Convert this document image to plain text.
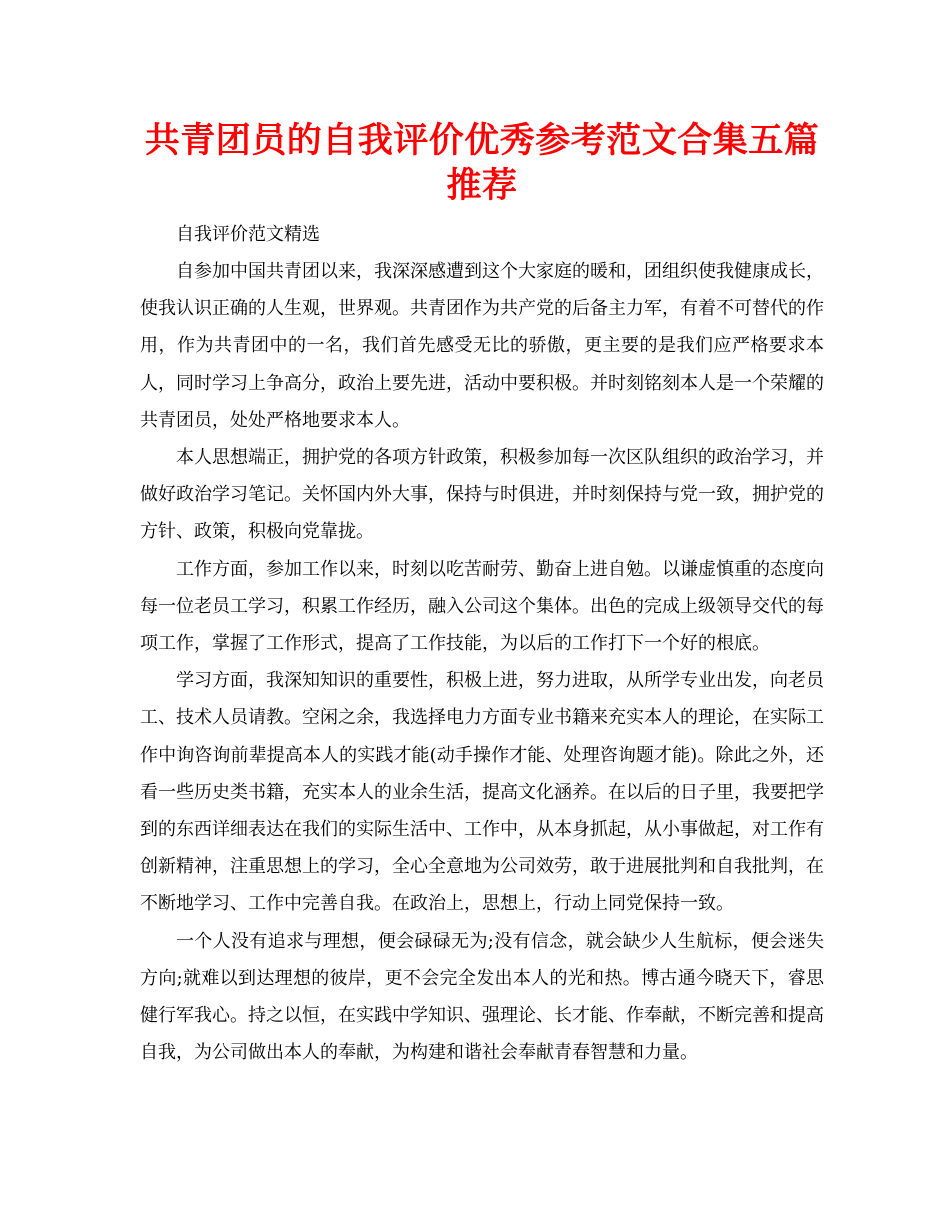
共青团员的自我评价优秀参考范文合集五篇推荐

自我评价范文精选

自参加中国共青团以来，我深深感遭到这个大家庭的暖和，团组织使我健康成长，使我认识正确的人生观，世界观。共青团作为共产党的后备主力军，有着不可替代的作用，作为共青团中的一名，我们首先感受无比的骄傲，更主要的是我们应严格要求本人，同时学习上争高分，政治上要先进，活动中要积极。并时刻铭刻本人是一个荣耀的共青团员，处处严格地要求本人。

本人思想端正，拥护党的各项方针政策，积极参加每一次区队组织的政治学习，并做好政治学习笔记。关怀国内外大事，保持与时俱进，并时刻保持与党一致，拥护党的方针、政策，积极向党靠拢。

工作方面，参加工作以来，时刻以吃苦耐劳、勤奋上进自勉。以谦虚慎重的态度向每一位老员工学习，积累工作经历，融入公司这个集体。出色的完成上级领导交代的每项工作，掌握了工作形式，提高了工作技能，为以后的工作打下一个好的根底。

学习方面，我深知知识的重要性，积极上进，努力进取，从所学专业出发，向老员工、技术人员请教。空闲之余，我选择电力方面专业书籍来充实本人的理论，在实际工作中询咨询前辈提高本人的实践才能(动手操作才能、处理咨询题才能)。除此之外，还看一些历史类书籍，充实本人的业余生活，提高文化涵养。在以后的日子里，我要把学到的东西详细表达在我们的实际生活中、工作中，从本身抓起，从小事做起，对工作有创新精神，注重思想上的学习，全心全意地为公司效劳，敢于进展批判和自我批判，在不断地学习、工作中完善自我。在政治上，思想上，行动上同党保持一致。

一个人没有追求与理想，便会碌碌无为;没有信念，就会缺少人生航标，便会迷失方向;就难以到达理想的彼岸，更不会完全发出本人的光和热。博古通今晓天下，睿思健行军我心。持之以恒，在实践中学知识、强理论、长才能、作奉献，不断完善和提高自我，为公司做出本人的奉献，为构建和谐社会奉献青春智慧和力量。
